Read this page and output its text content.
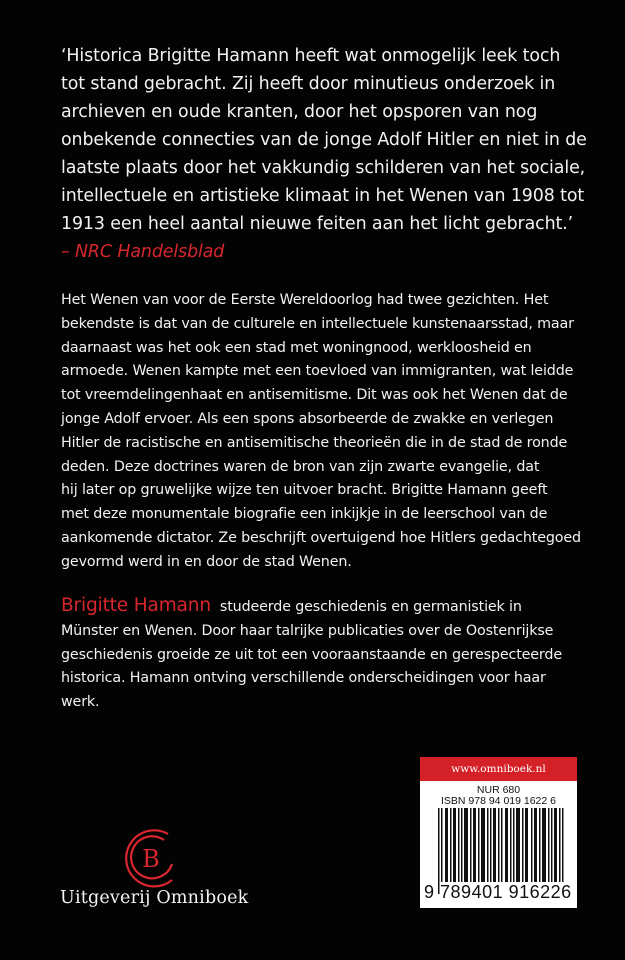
‘Historica Brigitte Hamann heeft wat onmogelijk leek toch
tot stand gebracht. Zij heeft door minutieus onderzoek in
archieven en oude kranten, door het opsporen van nog
onbekende connecties van de jonge Adolf Hitler en niet in de
laatste plaats door het vakkundig schilderen van het sociale,
intellectuele en artistieke klimaat in het Wenen van 1908 tot
1913 een heel aantal nieuwe feiten aan het licht gebracht.’
– NRC Handelsblad
Het Wenen van voor de Eerste Wereldoorlog had twee gezichten. Het
bekendste is dat van de culturele en intellectuele kunstenaarsstad, maar
daarnaast was het ook een stad met woningnood, werkloosheid en
armoede. Wenen kampte met een toevloed van immigranten, wat leidde
tot vreemdelingenhaat en antisemitisme. Dit was ook het Wenen dat de
jonge Adolf ervoer. Als een spons absorbeerde de zwakke en verlegen
Hitler de racistische en antisemitische theorieën die in de stad de ronde
deden. Deze doctrines waren de bron van zijn zwarte evangelie, dat
hij later op gruwelijke wijze ten uitvoer bracht. Brigitte Hamann geeft
met deze monumentale biografie een inkijkje in de leerschool van de
aankomende dictator. Ze beschrijft overtuigend hoe Hitlers gedachtegoed
gevormd werd in en door de stad Wenen.
Brigitte Hamann studeerde geschiedenis en germanistiek in
Münster en Wenen. Door haar talrijke publicaties over de Oostenrijkse
geschiedenis groeide ze uit tot een vooraanstaande en gerespecteerde
historica. Hamann ontving verschillende onderscheidingen voor haar
werk.
B
Uitgeverij Omniboek
www.omniboek.nl
NUR 680
ISBN 978 94 019 1622 6
9 789401 916226
